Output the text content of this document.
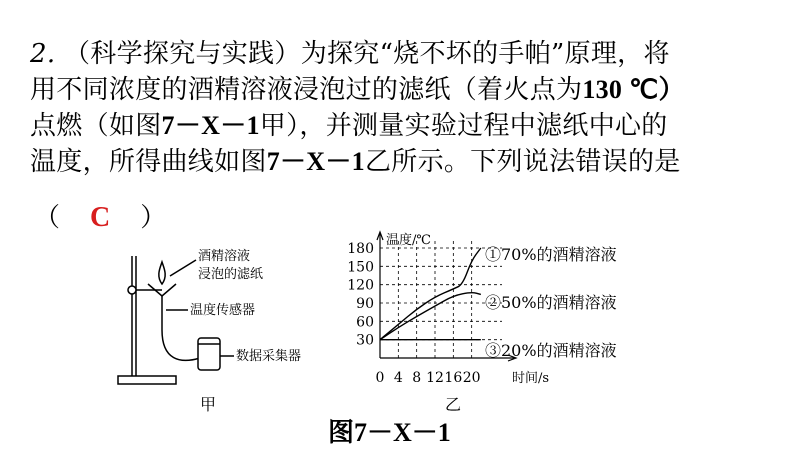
2. （科学探究与实践）为探究“烧不坏的手帕”原理，将
用不同浓度的酒精溶液浸泡过的滤纸（着火点为130 ℃）
点燃（如图7－X－1甲），并测量实验过程中滤纸中心的
温度，所得曲线如图7－X－1乙所示。下列说法错误的是
（ C ）
酒精溶液
浸泡的滤纸
温度传感器
数据采集器
甲
30
60
90
120
150
180
0 4 8 12 16 20
温度/℃
时间/s
①70%的酒精溶液
②50%的酒精溶液
③20%的酒精溶液
乙
图7－X－1
